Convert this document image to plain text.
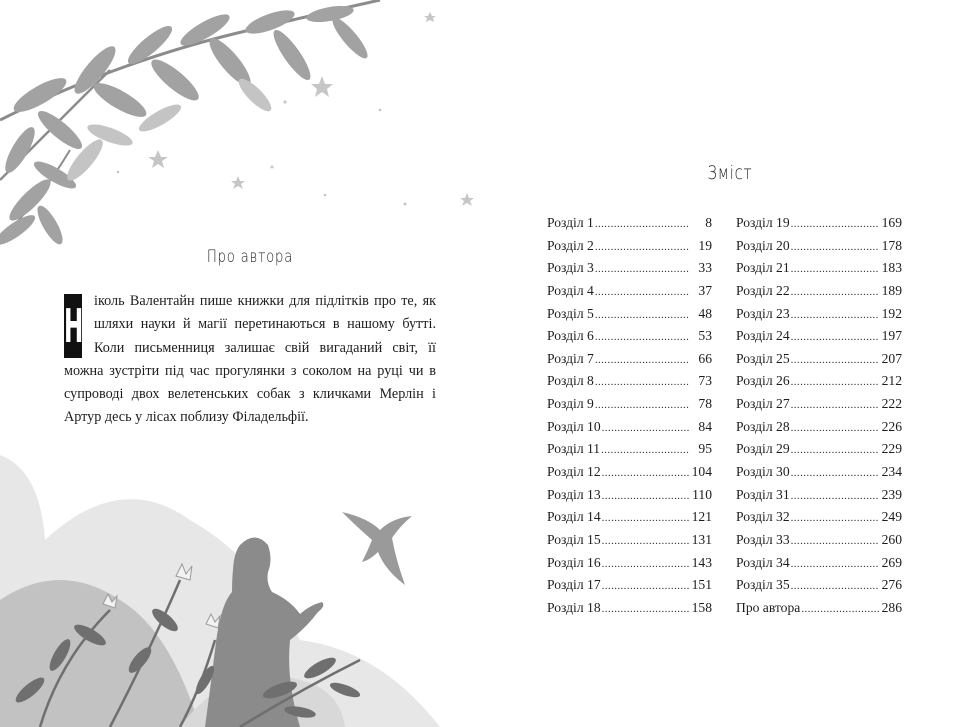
Про автора
Н іколь Валентайн пише книжки для підлітків про те, як шляхи науки й магії перетинаються в нашому бутті. Коли письменниця залишає свій вигаданий світ, її можна зустріти під час прогулянки з соколом на руці чи в супроводі двох велетенських собак з кличками Мерлін і Артур десь у лісах поблизу Філадельфії.
Зміст
Розділ 1 .....	8
Розділ 2 .....	19
Розділ 3 .....	33
Розділ 4 .....	37
Розділ 5 .....	48
Розділ 6 .....	53
Розділ 7 .....	66
Розділ 8 .....	73
Розділ 9 .....	78
Розділ 10 .....	84
Розділ 11 .....	95
Розділ 12 .....	104
Розділ 13 .....	110
Розділ 14 .....	121
Розділ 15 .....	131
Розділ 16 .....	143
Розділ 17 .....	151
Розділ 18 .....	158
Розділ 19 .....	169
Розділ 20 .....	178
Розділ 21 .....	183
Розділ 22 .....	189
Розділ 23 .....	192
Розділ 24 .....	197
Розділ 25 .....	207
Розділ 26 .....	212
Розділ 27 .....	222
Розділ 28 .....	226
Розділ 29 .....	229
Розділ 30 .....	234
Розділ 31 .....	239
Розділ 32 .....	249
Розділ 33 .....	260
Розділ 34 .....	269
Розділ 35 .....	276
Про автора .....	286
